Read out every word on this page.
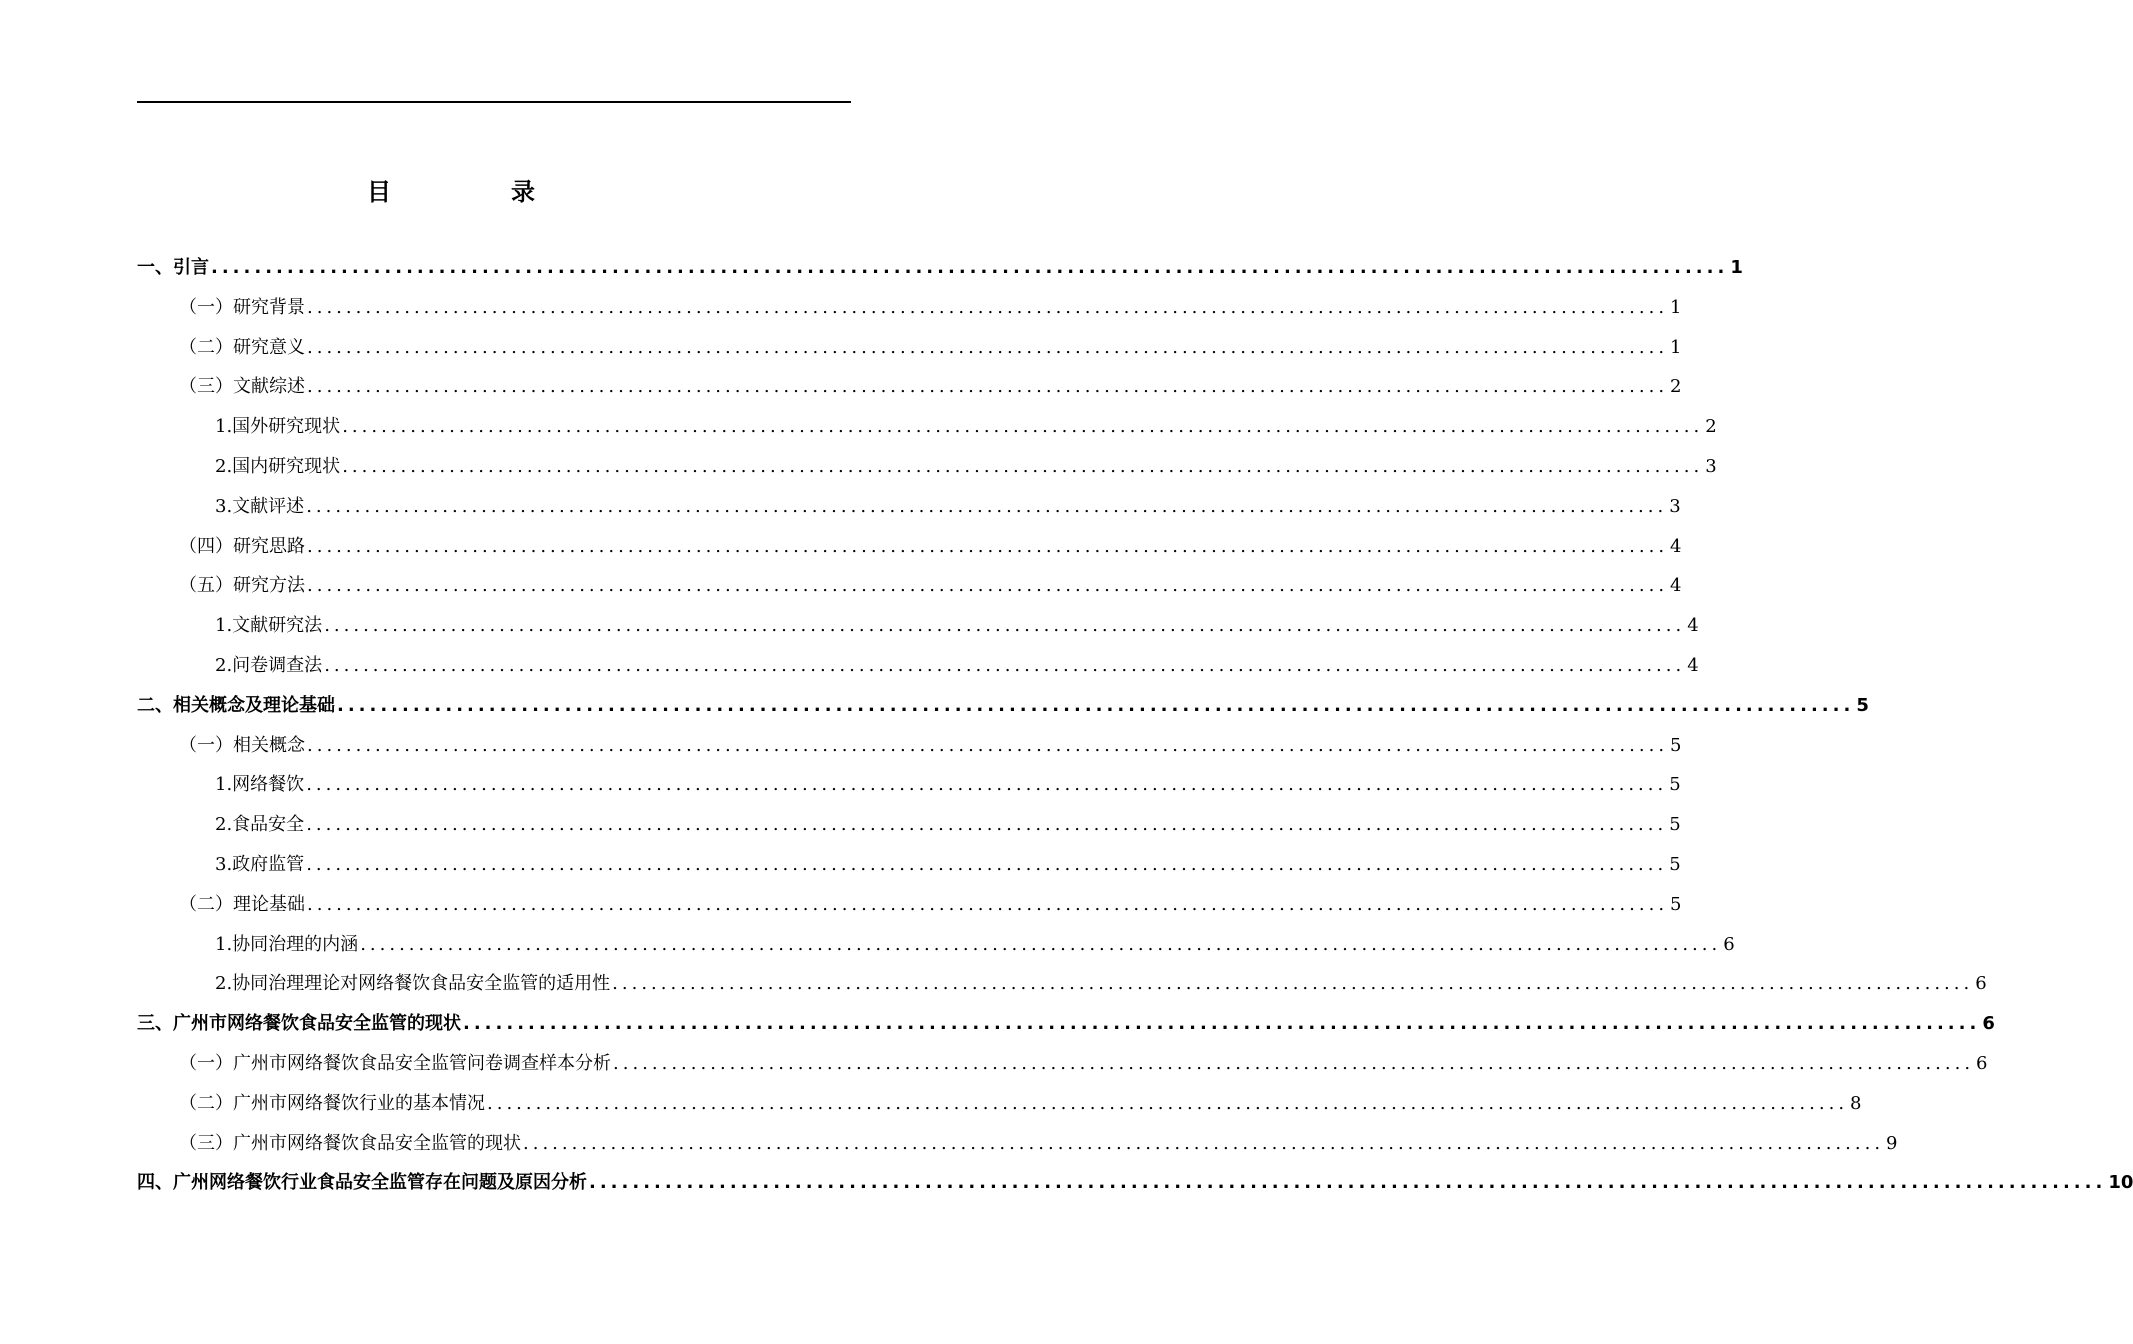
目　录
一、引言 ............................................................................................................................................ 1
（一）研究背景 ............................................................................................................................................ 1
（二）研究意义 ............................................................................................................................................ 1
（三）文献综述 ............................................................................................................................................ 2
1.国外研究现状 ............................................................................................................................................ 2
2.国内研究现状 ............................................................................................................................................ 3
3.文献评述 ............................................................................................................................................ 3
（四）研究思路 ............................................................................................................................................ 4
（五）研究方法 ............................................................................................................................................ 4
1.文献研究法 ............................................................................................................................................ 4
2.问卷调查法 ............................................................................................................................................ 4
二、相关概念及理论基础 ............................................................................................................................................ 5
（一）相关概念 ............................................................................................................................................ 5
1.网络餐饮 ............................................................................................................................................ 5
2.食品安全 ............................................................................................................................................ 5
3.政府监管 ............................................................................................................................................ 5
（二）理论基础 ............................................................................................................................................ 5
1.协同治理的内涵 ............................................................................................................................................ 6
2.协同治理理论对网络餐饮食品安全监管的适用性 ............................................................................................................................................ 6
三、广州市网络餐饮食品安全监管的现状 ............................................................................................................................................ 6
（一）广州市网络餐饮食品安全监管问卷调查样本分析 ............................................................................................................................................ 6
（二）广州市网络餐饮行业的基本情况 ............................................................................................................................................ 8
（三）广州市网络餐饮食品安全监管的现状 ............................................................................................................................................ 9
四、广州网络餐饮行业食品安全监管存在问题及原因分析 ............................................................................................................................................ 10
